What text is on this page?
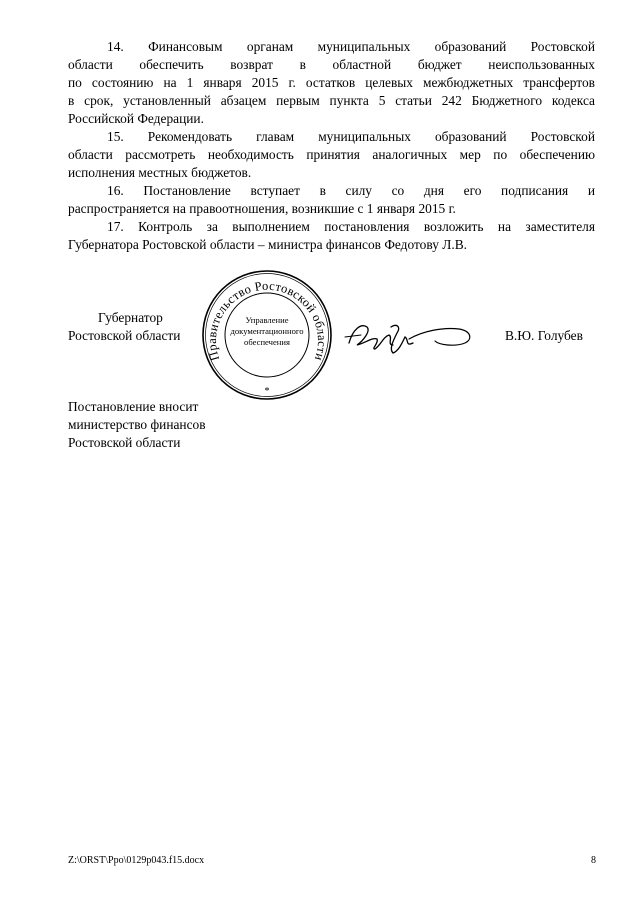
14. Финансовым органам муниципальных образований Ростовской
области обеспечить возврат в областной бюджет неиспользованных
по состоянию на 1 января 2015 г. остатков целевых межбюджетных трансфертов
в срок, установленный абзацем первым пункта 5 статьи 242 Бюджетного кодекса
Российской Федерации.
15. Рекомендовать главам муниципальных образований Ростовской
области рассмотреть необходимость принятия аналогичных мер по обеспечению
исполнения местных бюджетов.
16. Постановление вступает в силу со дня его подписания и
распространяется на правоотношения, возникшие с 1 января 2015 г.
17. Контроль за выполнением постановления возложить на заместителя
Губернатора Ростовской области – министра финансов Федотову Л.В.
Губернатор
Ростовской области
Правительство Ростовской области
Управление
документационного
обеспечения
*
В.Ю. Голубев
Постановление вносит
министерство финансов
Ростовской области
Z:\ORST\Ppo\0129p043.f15.docx	8
